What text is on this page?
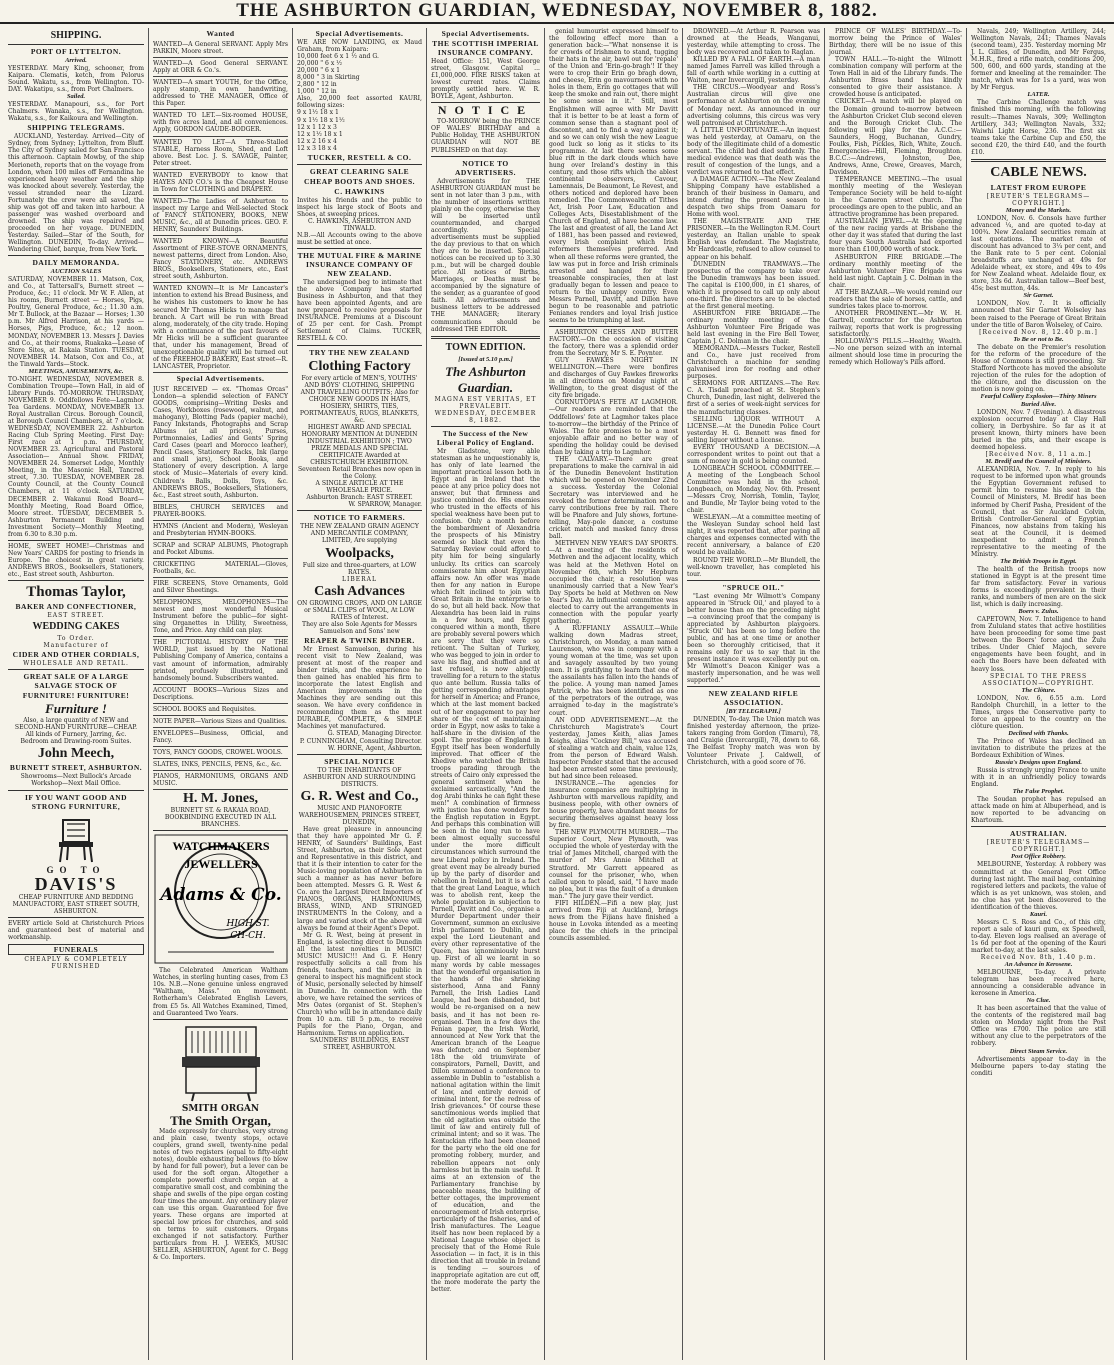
THE ASHBURTON GUARDIAN, WEDNESDAY, NOVEMBER 8, 1882.
SHIPPING.
PORT OF LYTTELTON.
Arrived.

YESTERDAY. Mary King, schooner, from Kaipara. Clematis, ketch, from Pelorus Sound. Wakatu, s.s., from Wellington. TO-DAY. Wakatipu, s.s., from Port Chalmers.

Sailed.

YESTERDAY. Manapouri, s.s., for Port Chalmers. Wanaka, s.s., for Wellington. Wakatu, s.s., for Kaikoura and Wellington.

SHIPPING TELEGRAMS.

AUCKLAND, Yesterday. Arrived—City of Sydney, from Sydney; Lyttelton, from Bluff. The City of Sydney sailed for San Francisco this afternoon. Captain Mowby, of the ship Merioneth, reports that on the voyage from London, when 100 miles off Fernandina he experienced heavy weather and the ship was knocked about severely. Yesterday, the vessel stranded near the Lizard. Fortunately the crew were all saved, the ship was got off and taken into harbour. A passenger was washed overboard and drowned. The ship was repaired and proceeded on her voyage. DUNEDIN, Yesterday. Sailed—Star of the South, for Wellington. DUNEDIN, To-day. Arrived—Wandering Chief, barque, from New York.

DAILY MEMORANDA.
AUCTION SALES

SATURDAY, NOVEMBER 11. Matson, Cox, and Co., at Tattersall's, Burnett street — Produce, &c.; 11 o'clock. Mr W. F. Allen, at his rooms, Burnett street — Horses, Pigs, Poultry, General Produce, &c.; 11.30 a.m. Mr T. Bullock, at the Bazaar — Horses; 1.30 p.m. Mr Alfred Harrison, at his yards — Horses, Pigs, Produce, &c.; 12 noon. MONDAY, NOVEMBER 13. Messrs J. Davies and Co., at their rooms, Ruakaka—Lease of Store Sites, at Rakaia Station. TUESDAY, NOVEMBER 14. Matson, Cox and Co., at the Tinwald Yards—Stock.

MEETINGS, AMUSEMENTS, &c.

TO-NIGHT. WEDNESDAY, NOVEMBER 8. Combination Troupe—Town Hall, in aid of Library Funds. TO-MORROW. THURSDAY, NOVEMBER 9. Oddfellows Fete—Lagmhor Tea Gardens. MONDAY, NOVEMBER 13. Royal Australian Circus. Borough Council, at Borough Council Chambers, at 7 o'clock. WEDNESDAY, NOVEMBER 22. Ashburton Racing Club Spring Meeting. First Day: First race at 1 p.m. THURSDAY, NOVEMBER 23. Agricultural and Pastoral Association— Annual Show. FRIDAY, NOVEMBER 24. Somerset Lodge, Monthly Meeting, in the Masonic Hall, Tancred street, 7.30. TUESDAY, NOVEMBER 28. County Council, at the County Council Chambers, at 11 o'clock. SATURDAY, DECEMBER 2. Wakanui Road Board—Monthly Meeting, Road Board Office, Moore street. TUESDAY, DECEMBER 5. Ashburton Permanent Building and Investment Society—Monthly Meeting, from 6.30 to 8.30 p.m.

HOME, SWEET HOME!—Christmas and New Years' CARDS for posting to friends in Europe. The choicest in great variety. ANDREWS BROS., Booksellers, Stationers, etc., East street south, Ashburton.

Thomas Taylor,
BAKER AND CONFECTIONER,
EAST STREET.
WEDDING CAKES
To Order.
Manufacturer of
CIDER AND OTHER CORDIALS,
WHOLESALE AND RETAIL.
GREAT SALE OF A LARGE SALVAGE STOCK OF
FURNITURE! FURNITURE!
Furniture !

Also, a large quantity of NEW and SECOND-HAND FURNITURE—CHEAP.

All kinds of Furnery, Jarring, &c.

Bedroom and Drawing-room Suites.

John Meech,
BURNETT STREET, ASHBURTON.

Showrooms—Next Bullock's Arcade Workshop—Next Mail Office.

IF YOU WANT GOOD AND STRONG FURNITURE,
GO TO
DAVIS'S

CHEAP FURNITURE AND BEDDING MANUFACTORY, EAST STREET SOUTH, ASHBURTON.

EVERY article Sold at Christchurch Prices and guaranteed best of material and workmanship.

FUNERALS
CHEAPLY & COMPLETELY FURNISHED
Wanted

WANTED—A General SERVANT. Apply Mrs PARKIN, Moore street.

WANTED—A Good General SERVANT. Apply at ORR & Co.'s.

WANTED—A smart YOUTH, for the Office, apply stamp, in own handwriting, addressed to THE MANAGER, Office of this Paper.

WANTED TO LET.—Six-roomed HOUSE, with five acres land, and all conveniences. Apply, GORDON GAUDE-BODGER.

WANTED TO LET—A Three-Stalled STABLE, Harness Room, Shed, and Loft above. Best Loc. J. S. SAVAGE, Painter, Peter street.

WANTED EVERYBODY to know that HAYES AND CO.'s is the Cheapest House in Town for CLOTHING and DRAPERY.

WANTED—The Ladies of Ashburton to inspect my Large and Well-selected Stock of FANCY STATIONERY, BOOKS, NEW MUSIC, &c., all at Dunedin prices. GEO. F. HENRY, Saunders' Buildings.

WANTED KNOWN—A Beautiful Assortment of FIRE-STOVE ORNAMENTS, newest patterns, direct from London. Also, Fancy STATIONERY, etc. ANDREWS BROS., Booksellers, Stationers, etc., East street south, Ashburton.

WANTED KNOWN—It is Mr Lancaster's intention to extend his Bread Business, and he wishes his customers to know he has secured Mr Thomas Hicks to manage that branch. A Cart will be run with Bread along, moderately, of the city trade. Hoping with a continuance of the past favours of Mr Hicks will be a sufficient guarantee that, under his management, Bread of unexceptionable quality will be turned out of the FREEHOLD BAKERY, East street—R. LANCASTER, Proprietor.

Special Advertisements.

JUST RECEIVED — ex. "Thomas Orcas" London—a splendid selection of FANCY GOODS, comprising—Writing Desks and Cases, Workboxes (rosewood, walnut, and mahogany), Blotting Pads (papier maché), Fancy Inkstands, Photographs and Scrap Albums (at all prices), Purses, Portmonnaies, Ladies' and Gents' Spring Card Cases (pearl and Morocco leather), Pencil Cases, Stationery Racks, Ink (large and small jars), School Books, and Stationery of every description. A large stock of Music—Materials of every kind. Children's Balls, Dolls, Toys, &c. ANDREWS BROS., Booksellers, Stationers, &c., East street south, Ashburton.

BIBLES, CHURCH SERVICES and PRAYER-BOOKS.

HYMNS (Ancient and Modern), Wesleyan and Presbyterian HYMN-BOOKS.

SCRAP and SCRAP ALBUMS, Photograph and Pocket Albums.

CRICKETING MATERIAL—Gloves, Footballs, &c.

FIRE SCREENS, Stove Ornaments, Gold and Silver Sheetings.

MELOPHONES, MELOPHONES—The newest and most wonderful Musical Instrument before the public—for sight-sing Organettes in Utility, Sweetness, Tone, and Price. Any child can play.

THE PICTORIAL HISTORY OF THE WORLD, just issued by the National Publishing Company of America, contains a vast amount of information, admirably printed, profusely illustrated, and handsomely bound. Subscribers wanted.

ACCOUNT BOOKS—Various Sizes and Descriptions.

SCHOOL BOOKS and Requisites.

NOTE PAPER—Various Sizes and Qualities.

ENVELOPES—Business, Official, and Fancy.

TOYS, FANCY GOODS, CROWEL WOOLS.

SLATES, INKS, PENCILS, PENS, &c., &c.

PIANOS, HARMONIUMS, ORGANS AND MUSIC.

H. M. Jones,

BURNETT ST. & RAKAIA ROAD, BOOKBINDING EXECUTED IN ALL BRANCHES.

WATCHMAKERS
JEWELLERS
Adams & Co.
HIGH ST.
CH-CH.

The Celebrated American Waltham Watches, in sterling hunting cases, from £3 10s. N.B.—None genuine unless engraved "Waltham, Mass." on movement. Rotherham's Celebrated English Levers, from £5 5s. All Watches Examined, Timed, and Guaranteed Two Years.

SMITH ORGAN
The Smith Organ,

Made expressly for churches, very strong and plain case, twenty stops, octave couplers, grand swell, twenty-nine pedal notes of two registers (equal to fifty-eight notes), double exhausting bellows (to blow by hand for full power), but a lever can be used for the soft organ. Altogether a complete powerful church organ at a comparative small cost, and combining the shape and swells of the pipe organ costing four times the amount. Any ordinary player can use this organ. Guaranteed for five years. These organs are imported at special low prices for churches, and sold on terms to suit customers. Organs exchanged if not satisfactory. Further particulars from H. J. WEEKS, MUSIC SELLER, ASHBURTON, Agent for C. Begg & Co. Importers.

Special Advertisements.

WE ARE NOW LANDING, ex Maud Graham, from Kaipara:

10,000 feet 6 x 1 ½ and G.

20,000 " 6 x ½

20,000 " 6 x 1

8,000 " 3 in Skirting

2,800 " 12 in

1,000 " 12 in

Also, 20,000 feet assorted KAURI, following sizes:

9 x 1½ 18 x 1

9 x 1½ 18 x 1½

12 x 1 12 x 3

12 x 1½ 18 x 1

12 x 2 16 x 4

12 x 3 18 x 4

TUCKER, RESTELL & CO.
GREAT CLEARING SALE
CHEAP BOOTS AND SHOES.
C. HAWKINS

Invites his friends and the public to inspect his large stock of Boots and Shoes, at sweeping prices.

C. HAWKINS, ASHBURTON AND TINWALD.

N.B.—All Accounts owing to the above must be settled at once.

THE MUTUAL FIRE & MARINE INSURANCE COMPANY OF NEW ZEALAND.

The undersigned beg to intimate that the above Company has started Business in Ashburton, and that they have been appointed Agents, and are now prepared to receive proposals for INSURANCE. Premiums at a Discount of 25 per cent. for Cash. Prompt Settlement of Claims. TUCKER, RESTELL & CO.

TRY THE NEW ZEALAND
Clothing Factory

For every article of MEN'S, YOUTHS' AND BOYS' CLOTHING, SHIPPING AND TRAVELLING OUTFITS; Also for CHOICE NEW GOODS IN HATS, HOSIERY, SHIRTS, TIES, PORTMANTEAUS, RUGS, BLANKETS, &c.

HIGHEST AWARD AND SPECIAL HONORARY MENTION At DUNEDIN INDUSTRIAL EXHIBITION ; TWO PRIZE MEDALS AND SPECIAL CERTIFICATE Awarded at CHRISTCHURCH EXHIBITION.

Seventeen Retail Branches now open in the Colony.

A SINGLE ARTICLE AT THE WHOLESALE PRICE.

Ashburton Branch: EAST STREET.

W. SPARROW, Manager.

NOTICE TO FARMERS.

THE NEW ZEALAND GRAIN AGENCY AND MERCANTILE COMPANY, LIMITED, Are supplying

Woolpacks,

Full size and three-quarters, at LOW RATES.

LIBERAL
Cash Advances

ON GROWING CROPS, AND ON LARGE or SMALL CLIPS of WOOL, At LOW RATES of Interest.

They are also Sole Agents for Messrs Samuelson and Sons' new

REAPER & TWINE BINDER.

Mr Ernest Samuelson, during his recent visit to New Zealand, was present at most of the reaper and binder trials, and the experience he then gained has enabled his firm to incorporate the latest English and American improvements in the Machines they are sending out this season. We have every confidence in recommending them as the most DURABLE, COMPLETE, & SIMPLE Machines yet manufactured.

G. STEAD, Managing Director.

P. CUNNINGHAM, Consulting Director.

W. HORNE, Agent, Ashburton.

SPECIAL NOTICE

TO THE INHABITANTS OF ASHBURTON AND SURROUNDING DISTRICTS.

G. R. West and Co.,

MUSIC AND PIANOFORTE WAREHOUSEMEN, PRINCES STREET, DUNEDIN,

Have great pleasure in announcing that they have appointed Mr G. F. HENRY, of Saunders' Buildings, East Street, Ashburton, as their Sole Agent and Representative in this district, and that it is their intention to cater for the Music-loving population of Ashburton in such a manner as has never before been attempted. Messrs G. R. West & Co. are the Largest Direct Importers of PIANOS, ORGANS, HARMONIUMS, BRASS, WIND, AND STRINGED INSTRUMENTS In the Colony, and a large and varied stock of the above will always be found at their Agent's Depot.

Mr G. R. West, being at present in England, is selecting direct to Dunedin all the latest novelties in MUSIC! MUSIC! MUSIC!!! And G. F. Henry respectfully solicits a call from his friends, teachers, and the public in general to inspect his magnificent stock of Music, personally selected by himself in Dunedin. In connection with the above, we have retained the services of Mrs Oates (organist of St. Stephen's Church) who will be in attendance daily from 10 a.m. till 5 p.m., to receive Pupils for the Piano, Organ, and Harmonium. Terms on application.

SAUNDERS' BUILDINGS, EAST STREET, ASHBURTON.

Special Advertisements.
THE SCOTTISH IMPERIAL INSURANCE COMPANY.

Head Office: 151, West George street, Glasgow. Capital ... £1,000,000. FIRE RISKS taken at lowest current rates. Claims promptly settled here. W. R. BOYLE, Agent, Ashburton.

NOTICE

TO-MORROW being the PRINCE OF WALES' BIRTHDAY and a Public Holiday, THE ASHBURTON GUARDIAN will NOT BE PUBLISHED on that day.

NOTICE TO ADVERTISERS.

Advertisements for THE ASHBURTON GUARDIAN must be sent in not later than 3 p.m., with the number of insertions written plainly on the copy, otherwise they will be inserted until countermanded, and charged accordingly. Special advertisements must be supplied the day previous to that on which they are to be inserted. Special notices can be received up to 3.30 p.m., but will be charged double price. All notices of Births, Marriages, or Deaths must be accompanied by the signature of the sender, as a guarantee of good faith. All advertisements and business letters to be addressed THE MANAGER; literary communications should be addressed THE EDITOR.

TOWN EDITION.
[Issued at 5.10 p.m.]
The Ashburton Guardian.
MAGNA EST VERITAS, ET PREVALEBIT.
WEDNESDAY, DECEMBER 8, 1882.
The Success of the New Liberal Policy of England.

Mr Gladstone, very able statesman as he unquestionably is, has only of late learned the important practical lesson both in Egypt and in Ireland that the peace at any price policy does not answer, but that firmness and justice combined do. His enemies who trusted in the effects of his special weakness have been put to confusion. Only a month before the bombardment of Alexandria the prospects of his Ministry seemed so black that even the Saturday Review could afford to pity him for being singularly unlucky. Its critics can scarcely commiserate him about Egyptian affairs now. An offer was made then for any nation in Europe which felt inclined to join with Great Britain in the enterprise to do so, but all held back. Now that Alexandria has been laid in ruins in a few hours, and Egypt conquered within a month, there are probably several powers which are sorry that they were so reticent. The Sultan of Turkey, who was begged to join in order to save his flag, and shuffled and at last refused, is now abjectly travelling for a return to the status quo ante bellum. Russia talks of getting corresponding advantages for herself in America; and France, which at the last moment backed out of her engagement to pay her share of the cost of maintaining order in Egypt, now asks to take a half-share in the division of the spoil. The prestige of England in Egypt itself has been wonderfully improved. That officer of the Khedive who watched the British troops parading through the streets of Cairo only expressed the general sentiment when he exclaimed sarcastically, "And the dog Arabi thinks he can fight these men!" A combination of firmness with justice has done wonders for the English reputation in Egypt. And perhaps this combination will be seen in the long run to have been almost equally successful under the more difficult circumstances which surround the new Liberal policy in Ireland. The great event may be already buried up by the party of disorder and rebellion in Ireland, but it is a fact that the great Land League, which was to abolish rent, keep the whole population in subjection to Parnell, Davitt and Co., organise a Murder Department under their Government, summon an exclusive Irish parliament to Dublin, and expel the Lord Lieutenant and every other representative of the Queen, has ignominiously burst up. First of all we learnt in so many words by cable messages that the wonderful organisation in the hands of the shrieking sisterhood, Anna and Fanny Parnell, the Irish Ladies Land League, had been disbanded, but would be re-organised on a new basis, and it has not been re-organised. Then in a few days the Fenian paper, the Irish World, announced at New York that the American branch of the League was defunct; and on September 18th the old triumvirate of conspirators, Parnell, Davitt, and Dillon summoned a conference to assemble in Dublin to "establish a national agitation within the limit of law, and entirely devoid of criminal intent, for the redress of Irish grievances." Of course these sanctimonious words implied that the old agitation was outside the limit of law and entirely full of criminal intent; and so it was. The Kentuckian rifle had been cleaned for the party who the old one for promoting robbery, murder, and rebellion appears not only harmless but in the main useful. It aims at an extension of the Parliamentary franchise by peaceable means, the building of better cottages, the improvement of education, and the encouragement of Irish enterprise, particularly of the fisheries, and of Irish manufactures. The League itself has now been replaced by a National League whose object is precisely that of the Home Rule Association — in fact, it is in this direction that all trouble in Ireland is tending — sources of inappropriate agitation are cut off, the more moderate the party the better.

genial humourist expressed himself to the following effect more than a generation back:—"What nonsense it is for crowds of Irishmen to stand, tugging their hats in the air, bawl out for 'repale' of the Union and 'Erin-go-bragh'! If they were to crop their Erin go bragh down, and cheese, Erin go mavourneen with no holes in them, Erin go cottages that will keep the smoke and rain out, there might be some sense in it." Still, most Englishmen will agree with Mr Davitt that it is better to be at least a form of common sense than a stagnant pool of discontent, and to find a way against it; and so we can only wish the new League good luck so long as it sticks to its programme. At last there seems some blue rift in the dark clouds which have hung over Ireland's destiny in this century, and those rifts which the ablest continental observers, Cavour, Lamennais, De Beaumont, Le Revest, and others noticed and deplored have been remedied. The Commonwealth of Tithes Act, Irish Poor Law, Education and Colleges Acts, Disestablishment of the Church of England, all have become law. The last and greatest of all, the Land Act of 1881, has been passed and reviewed, every Irish complaint which Irish reformers themselves preferred. And when all these reforms were granted, the law was put in force and Irish criminals arrested and hanged for their treasonable conspiracies, then at last gradually began to lessen and peace to return to the unhappy country. Even Messrs Parnell, Davitt, and Dillon have begun to be reasonable and patriotic Fenianes renders and loyal Irish justice seems to be triumphing at last.

ASHBURTON CHESS AND BUTTER FACTORY.—On the occasion of visiting the factory, there was a splendid order from the Secretary, Mr S. E. Poynter.

GUY FAWKES NIGHT IN WELLINGTON.—There were bonfires and discharges of Guy Fawkes fireworks in all directions on Monday night at Wellington, to the great disgust of the city fire brigade.

CORNUTOPIA'S FETE AT LAGMHOR.—Our readers are reminded that the Oddfellows' fete at Lagmhor takes place to-morrow—the birthday of the Prince of Wales. The fete promises to be a most enjoyable affair and no better way of spending the holiday could be devised than by taking a trip to Lagmhor.

THE CALVARY.—There are great preparations to make the carnival in aid of the Dunedin Benevolent Institution which will be opened on November 22nd a success. Yesterday the Colonial Secretary was interviewed and he revoked the former determination not to carry contributions free by rail. There will be Pinafore and July shows, fortune-telling, May-pole dancer, a costume cricket match and masked fancy dress ball.

METHVEN NEW YEAR'S DAY SPORTS.—At a meeting of the residents of Methven and the adjacent locality, which was held at the Methven Hotel on November 6th, which Mr Hepburn occupied the chair, a resolution was unanimously carried that a New Year's Day Sports be held at Methven on New Year's Day. An influential committee was elected to carry out the arrangements in connection with the popular yearly gathering.

A RUFFIANLY ASSAULT.—While walking down Madras street, Christchurch, on Monday, a man named Laurenson, who was in company with a young woman at the time, was set upon and savagely assaulted by two young men. It is gratifying to learn that one of the assailants has fallen into the hands of the police. A young man named James Patrick, who has been identified as one of the perpetrators of the outrage, was arraigned to-day in the magistrate's court.

AN ODD ADVERTISEMENT.—At the Christchurch Magistrate's Court yesterday, James Keith, alias James Keighs, alias "Cockney Bill," was accused of stealing a watch and chain, value 12s, from the person of Edward Walsh. Inspector Pender stated that the accused had been arrested some time previously, but had since been released.

INSURANCE.—The agencies for insurance companies are multiplying in Ashburton with marvellous rapidity, and business people, with other owners of house property, have abundant means for securing themselves against heavy loss by fire.

THE NEW PLYMOUTH MURDER.—The Superior Court, New Plymouth, was occupied the whole of yesterday with the trial of James Mitchell, charged with the murder of Mrs Annie Mitchell at Stratford. Mr Garrett appeared as counsel for the prisoner, who, when called upon to plead, said, "I have made no plea, but it was the fault of a drunken man." The jury gave their verdict.

FIFI HILDEN.—Fifi a new play, just arrived from Fiji at Auckland, brings news from the Fijians have finished a house in Lovoka intended as a meeting place for the chiefs in the principal councils assembled.

DROWNED.—At Arthur R. Pearson was drowned at the Heads, Wanganui, yesterday, while attempting to cross. The body was recovered and taken to Raglan.

KILLED BY A FALL OF EARTH.—A man named James Farrell was killed through a fall of earth while working in a cutting at Waiton, near Invercargill, yesterday.

THE CIRCUS.—Woodyear and Ross's Australian circus will give one performance at Ashburton on the evening of Monday next. As announced in our advertising columns, this circus was very well patronised at Christchurch.

A LITTLE UNFORTUNATE.—An inquest was held yesterday, at Oamaru, on the body of the illegitimate child of a domestic servant. The child had died suddenly. The medical evidence was that death was the result of congestion of the lungs, and a verdict was returned to that effect.

A DAMAGE ACTION.—The New Zealand Shipping Company have established a branch of their business in Oamaru, and intend during the present season to despatch two ships from Oamaru for Home with wool.

THE MAGISTRATE AND THE PRISONER.—In the Wellington R.M. Court yesterday, an Italian unable to speak English was defendant. The Magistrate, Mr Hardcastle, refused to allow counsel to appear on his behalf.

DUNEDIN TRAMWAYS.—The prospectus of the company to take over the Dunedin tramways has been issued. The capital is £100,000, in £1 shares, of which it is proposed to call up only about one-third. The directors are to be elected at the first general meeting.

ASHBURTON FIRE BRIGADE.—The ordinary monthly meeting of the Ashburton Volunteer Fire Brigade was held last evening in the Fire Bell Tower, Captain J. C. Dolman in the chair.

MEMORANDA.—Messrs Tucker, Restell and Co., have just received from Christchurch a machine for sending galvanised iron for roofing and other purposes.

SERMONS FOR ARTIZANS.—The Rev. C. A. Tisdall preached at St. Stephen's Church, Dunedin, last night, delivered the first of a series of week-night services for the manufacturing classes.

SELLING LIQUOR WITHOUT A LICENSE.—At the Dunedin Police Court yesterday H. G. Bennett was fined for selling liquor without a license.

EVERY THOUSAND A DECISION.—A correspondent writes to point out that a sum of money in gold is being counted.

LONGBEACH SCHOOL COMMITTEE.—A meeting of the Longbeach School Committee was held in the school, Longbeach, on Monday, Nov. 6th. Present—Messrs Croy, Norrish, Tomlin, Taylor, and Bundle, Mr Taylor being voted to the chair.

WESLEYAN.—At a committee meeting of the Wesleyan Sunday school held last night, it was reported that, after paying all charges and expenses connected with the recent anniversary, a balance of £20 would be available.

ROUND THE WORLD.—Mr Blundell, the well-known traveller, has completed his tour.

"SPRUCE OIL."

"Last evening Mr Wilmott's Company appeared in 'Struck Oil,' and played to a better house than on the preceding night—a convincing proof that the company is appreciated by Ashburton playgoers. 'Struck Oil' has been so long before the public, and has at one time or another been so thoroughly criticised, that it remains only for us to say that in the present instance it was excellently put on. Mr Wilmott's Deacon Kiniger was a masterly impersonation, and he was well supported."

NEW ZEALAND RIFLE ASSOCIATION.
[BY TELEGRAPH.]

DUNEDIN, To-day. The Union match was finished yesterday afternoon, the prize-takers ranging from Gordon (Timaru), 78, and Craigie (Invercargill), 78, down to 68. The Belfast Trophy match was won by Volunteer Private J. Caldwell, of Christchurch, with a good score of 76.

PRINCE OF WALES' BIRTHDAY.—To-morrow being the Prince of Wales' Birthday, there will be no issue of this journal.

TOWN HALL.—To-night the Wilmott combination company will perform at the Town Hall in aid of the Library funds. The Ashburton Brass band has kindly consented to give their assistance. A crowded house is anticipated.

CRICKET.—A match will be played on the Domain ground to-morrow between the Ashburton Cricket Club second eleven and the Borough Cricket Club. The following will play for the A.C.C.:—Saunders, Hogg, Buchanan, Gundry, Foulks, Fish, Pickles, Rich, White, Zouch. Emergencies—Hill, Fleming, Broughton. B.C.C.:—Andrews, Johnston, Dee, Andrews, Anne, Crewe, Greaves, March, Davidson.

TEMPERANCE MEETING.—The usual monthly meeting of the Wesleyan Temperance Society will be held to-night in the Cameron street church. The proceedings are open to the public, and an attractive programme has been prepared.

AUSTRALIAN JEWEL.—At the opening of the new racing yards at Brisbane the other day it was stated that during the last four years South Australia had exported more than £100,000 worth of stock.

ASHBURTON FIRE BRIGADE.—The ordinary monthly meeting of the Ashburton Volunteer Fire Brigade was held last night. Captain J. C. Dolman in the chair.

AT THE BAZAAR.—We would remind our readers that the sale of horses, cattle, and sundries takes place to-morrow.

ANOTHER PROMINENT.—Mr W. H. Gartrell, contractor for the Ashburton railway, reports that work is progressing satisfactorily.

HOLLOWAY'S PILLS.—Healthy, Wealth.—No one person seized with an internal ailment should lose time in procuring the remedy which Holloway's Pills afford.

Navals, 249; Wellington Artillery, 244; Wellington Navals, 241; Thames Navals (second team), 235. Yesterday morning Mr J. L. Gillies, of Dunedin, and Mr Fergus, M.H.R., fired a rifle match, conditions 200, 500, 600, and 600 yards, standing at the former and kneeling at the remainder. The match, which was for 1s a yard, was won by Mr Fergus.

LATER.

The Carbine Challenge match was finished this morning, with the following result:—Thames Navals, 309; Wellington Artillery, 343; Wellington Navals, 332; Waiwhi Light Horse, 236. The first six teams take the Carbine Cup and £50, the second £20, the third £40, and the fourth £10.

CABLE NEWS.
LATEST FROM EUROPE
[REUTER'S TELEGRAMS—COPYRIGHT.]
Money and the Markets.

LONDON, Nov. 6. Consols have further advanced ¼, and are quoted to-day at 100¾. New Zealand securities remain at last quotations. The market rate of discount has advanced to 3¼ per cent, and the Bank rate to 5 per cent. Colonial breadstuffs are unchanged at 49s for Adelaide wheat, ex store, and 49s to 49s for New Zealand wheat. Adelaide flour, ex store, 33s 6d. Australian tallow—Beef best, 45s; best mutton, 44s.

Sir Garnet.

LONDON, Nov. 7. It is officially announced that Sir Garnet Wolseley has been raised to the Peerage of Great Britain under the title of Baron Wolseley, of Cairo.

[Received Nov. 8, 12.40 p.m.]
To Be or not to Be.

The debate on the Premier's resolution for the reform of the procedure of the House of Commons is still proceeding. Sir Stafford Northcote has moved the absolute rejection of the rules for the adoption of the clôture, and the discussion on the motion is now going on.

Fearful Colliery Explosion—Thirty Miners Buried Alive.

LONDON, Nov. 7 (Evening). A disastrous explosion occurred today at Clay Hall colliery, in Derbyshire. So far as it at present known, thirty miners have been buried in the pits, and their escape is deemed hopeless.

[Received Nov. 8, 11 a.m.]
M. Bredif and the Council of Ministers.

ALEXANDRIA, Nov. 7. In reply to his request to be informed upon what grounds the Egyptian Government refused to permit him to resume his seat in the Council of Ministers, M. Bredif has been informed by Cherif Pasha, President of the Council, that as Sir Auckland Colvin, British Controller-General of Egyptian Finances, now abstains from taking his seat at the Council, it is deemed inexpedient to admit a French representative to the meeting of the Ministry.

The British Troops in Egypt.

The health of the British troops now stationed in Egypt is at the present time far from satisfactory. Fever in various forms is exceedingly prevalent in their ranks, and numbers of men are on the sick list, which is daily increasing.

Boers v. Zulus.

CAPETOWN, Nov. 7. Intelligence to hand from Zululand states that active hostilities have been proceeding for some time past between the Boers' force and the Zulu tribes. Under Chief Majoch, severe engagements have been fought, and in each the Boers have been defeated with heavy loss.

SPECIAL TO THE PRESS ASSOCIATION—COPYRIGHT.
The Clôture.

LONDON, Nov. 6, 6.55 a.m. Lord Randolph Churchill, in a letter to the Times, urges the Conservative party to force an appeal to the country on the clôture question.

Declined with Thanks.

The Prince of Wales has declined an invitation to distribute the prizes at the Bordeaux Exhibition of Wines.

Russia's Designs upon England.

Russia is strongly urging France to unite with it in an unfriendly policy towards England.

The False Prophet.

The Soudan prophet has repulsed an attack made on him at Albuperhead, and is now reported to be advancing on Khartoum.

AUSTRALIAN.
[REUTER'S TELEGRAMS—COPYRIGHT.]
Post Office Robbery.

MELBOURNE, Yesterday. A robbery was committed at the General Post Office during last night. The mail bag, containing registered letters and packets, the value of which is as yet unknown, was stolen, and no clue has yet been discovered to the identification of the thieves.

Kauri.

Messrs C. S. Ross and Co., of this city, report a sale of kauri gum, ex Speedwell, to-day. Eleven logs realised an average of 1s 6d per foot at the opening of the Kauri market to-day, at the last sales.

Received Nov. 8th, 1.40 p.m.
An Advance in Kerosene.

MELBOURNE, To-day. A private telegram has been received here, announcing a considerable advance in kerosene in America.

No Clue.

It has been ascertained that the value of the contents of the registered mail bag stolen on Monday night from the Post Office was £700. The police are still without any clue to the perpetrators of the robbery.

Direct Steam Service.

Advertisements appear to-day in the Melbourne papers to-day stating the conditi
